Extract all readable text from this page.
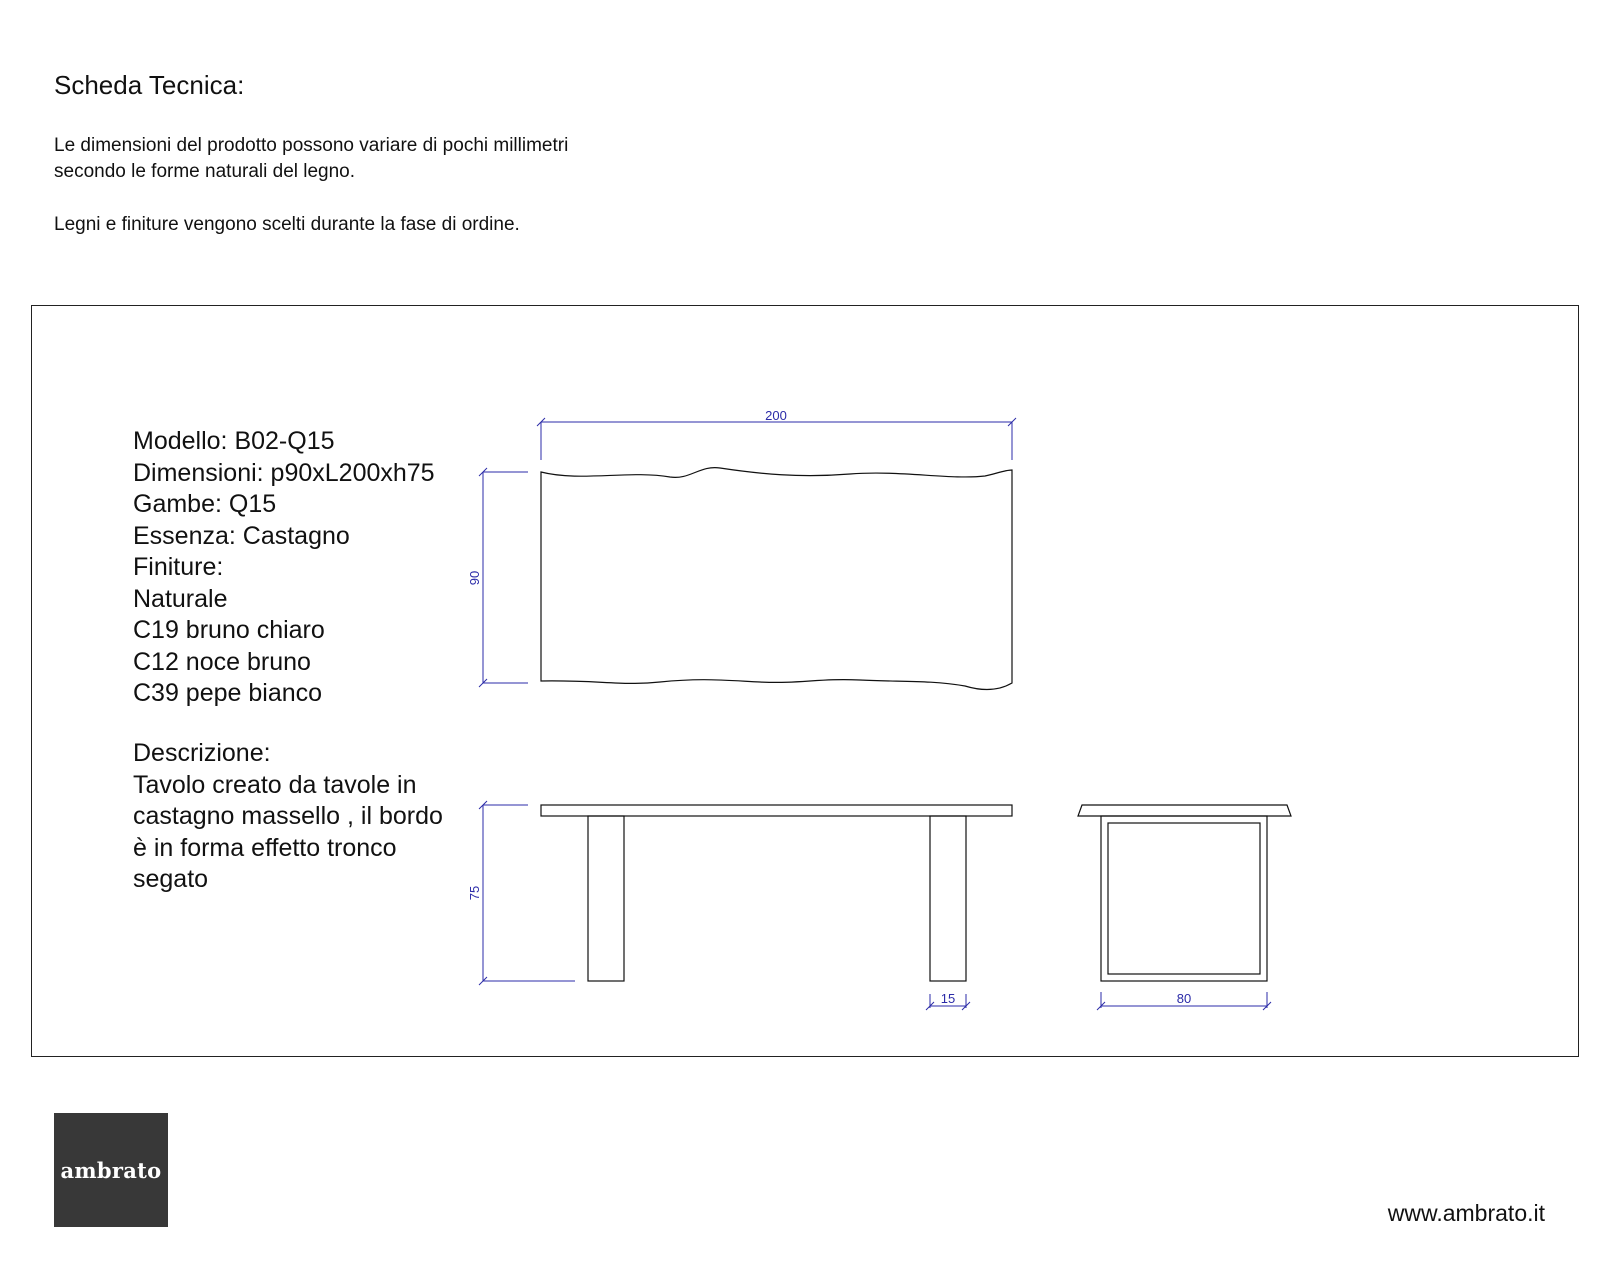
Scheda Tecnica:

Le dimensioni del prodotto possono variare di pochi millimetri
secondo le forme naturali del legno.

Legni e finiture vengono scelti durante la fase di ordine.

Modello: B02-Q15
Dimensioni: p90xL200xh75
Gambe: Q15
Essenza: Castagno
Finiture:
Naturale
C19 bruno chiaro
C12 noce bruno
C39 pepe bianco
Descrizione:
Tavolo creato da tavole in
castagno massello , il bordo
è in forma effetto tronco
segato
200
90
75
15	80
ambrato
www.ambrato.it
